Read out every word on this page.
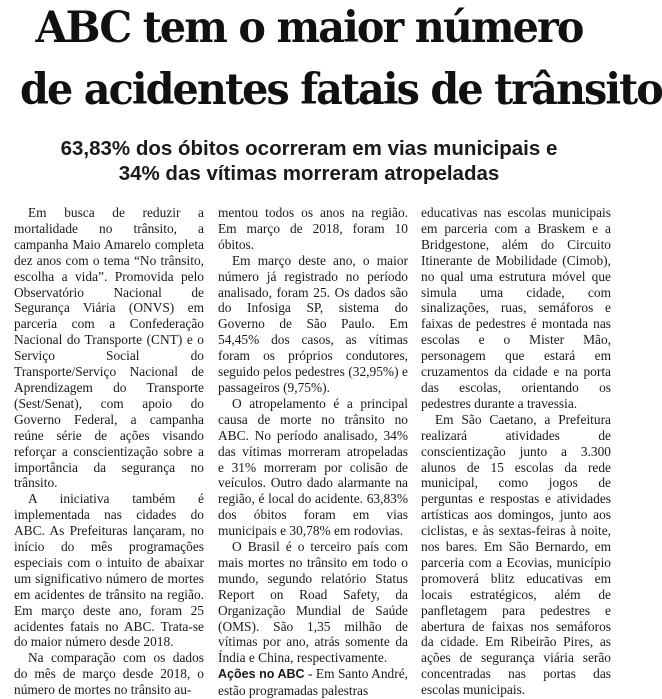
ABC tem o maior número
de acidentes fatais de trânsito
63,83% dos óbitos ocorreram em vias municipais e
34% das vítimas morreram atropeladas

Em busca de reduzir a mortalidade no trânsito, a campanha Maio Amarelo completa dez anos com o tema “No trânsito, escolha a vida”. Promovida pelo Observatório Nacional de Segurança Viária (ONVS) em parceria com a Confederação Nacional do Transporte (CNT) e o Serviço Social do Transporte/Serviço Nacional de Aprendizagem do Transporte (Sest/Senat), com apoio do Governo Federal, a campanha reúne série de ações visando reforçar a conscientização sobre a importância da segurança no trânsito.

A iniciativa também é implementada nas cidades do ABC. As Prefeituras lançaram, no início do mês programações especiais com o intuito de abaixar um significativo número de mortes em acidentes de trânsito na região. Em março deste ano, foram 25 acidentes fatais no ABC. Trata-se do maior número desde 2018.

Na comparação com os dados do mês de março desde 2018, o número de mortes no trânsito au-

mentou todos os anos na região. Em março de 2018, foram 10 óbitos.

Em março deste ano, o maior número já registrado no período analisado, foram 25. Os dados são do Infosiga SP, sistema do Governo de São Paulo. Em 54,45% dos casos, as vítimas foram os próprios condutores, seguido pelos pedestres (32,95%) e passageiros (9,75%).

O atropelamento é a principal causa de morte no trânsito no ABC. No período analisado, 34% das vítimas morreram atropeladas e 31% morreram por colisão de veículos. Outro dado alarmante na região, é local do acidente. 63,83% dos óbitos foram em vias municipais e 30,78% em rodovias.

O Brasil é o terceiro país com mais mortes no trânsito em todo o mundo, segundo relatório Status Report on Road Safety, da Organização Mundial de Saúde (OMS). São 1,35 milhão de vítimas por ano, atrás somente da Índia e China, respectivamente.

Ações no ABC - Em Santo André, estão programadas palestras

educativas nas escolas municipais em parceria com a Braskem e a Bridgestone, além do Circuito Itinerante de Mobilidade (Cimob), no qual uma estrutura móvel que simula uma cidade, com sinalizações, ruas, semáforos e faixas de pedestres é montada nas escolas e o Mister Mão, personagem que estará em cruzamentos da cidade e na porta das escolas, orientando os pedestres durante a travessia.

Em São Caetano, a Prefeitura realizará atividades de conscientização junto a 3.300 alunos de 15 escolas da rede municipal, como jogos de perguntas e respostas e atividades artísticas aos domingos, junto aos ciclistas, e às sextas-feiras à noite, nos bares. Em São Bernardo, em parceria com a Ecovias, município promoverá blitz educativas em locais estratégicos, além de panfletagem para pedestres e abertura de faixas nos semáforos da cidade. Em Ribeirão Pires, as ações de segurança viária serão concentradas nas portas das escolas municipais.
